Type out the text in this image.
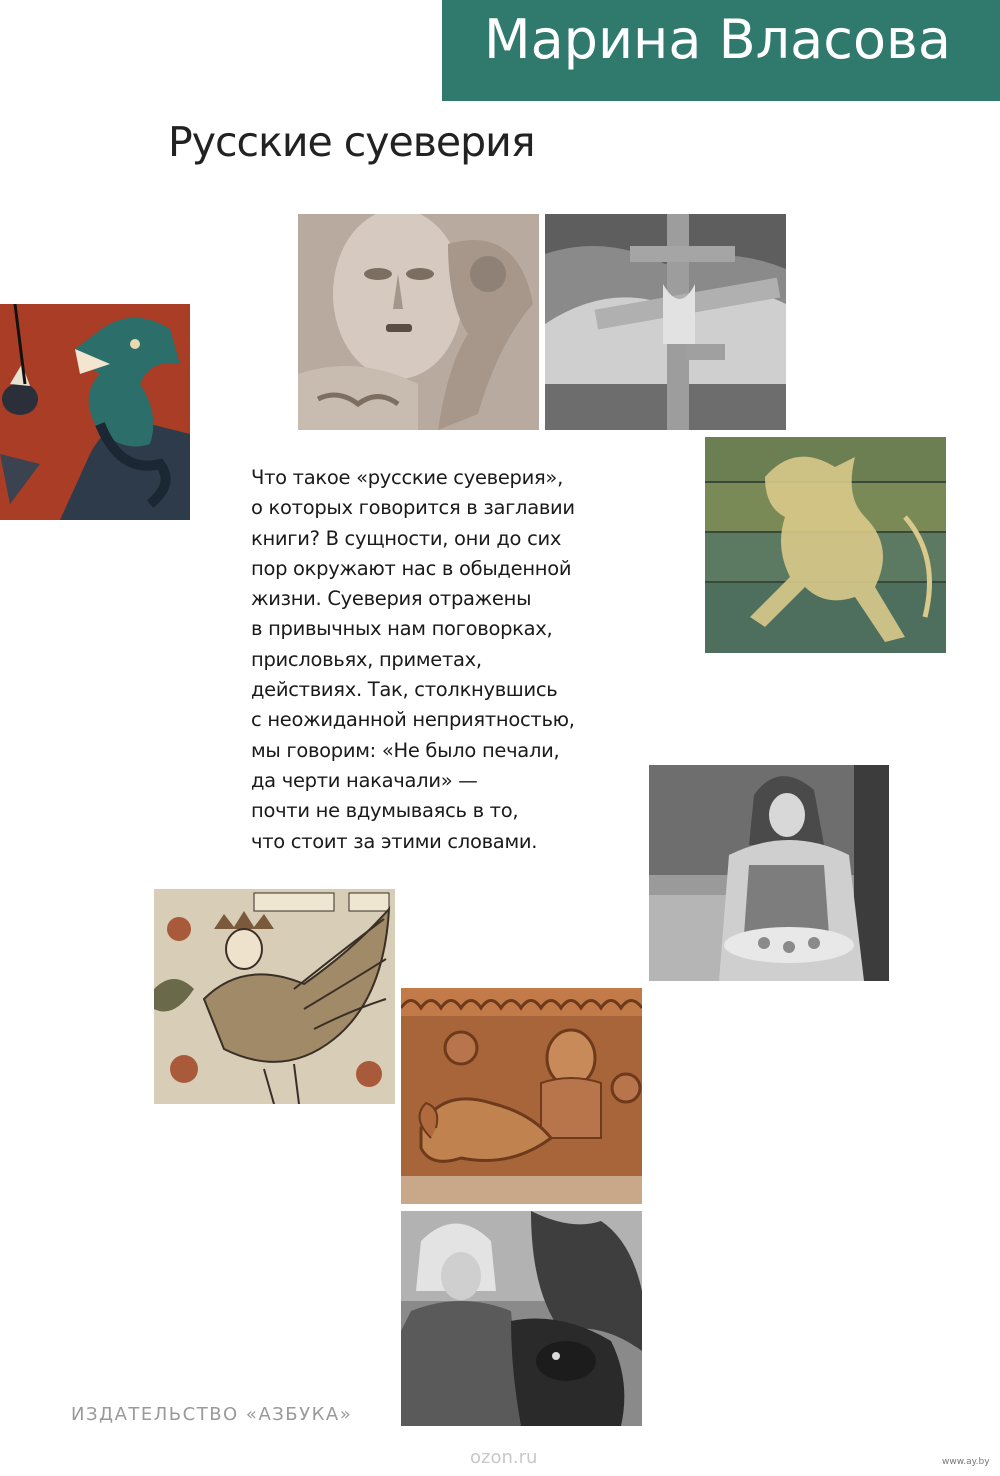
Марина Власова
Русские суеверия
Что такое «русские суеверия»,
о которых говорится в заглавии
книги? В сущности, они до сих
пор окружают нас в обыденной
жизни. Суеверия отражены
в привычных нам поговорках,
присловьях, приметах,
действиях. Так, столкнувшись
с неожиданной неприятностью,
мы говорим: «Не было печали,
да черти накачали» —
почти не вдумываясь в то,
что стоит за этими словами.
ИЗДАТЕЛЬСТВО «АЗБУКА»
ozon.ru	www.ay.by
